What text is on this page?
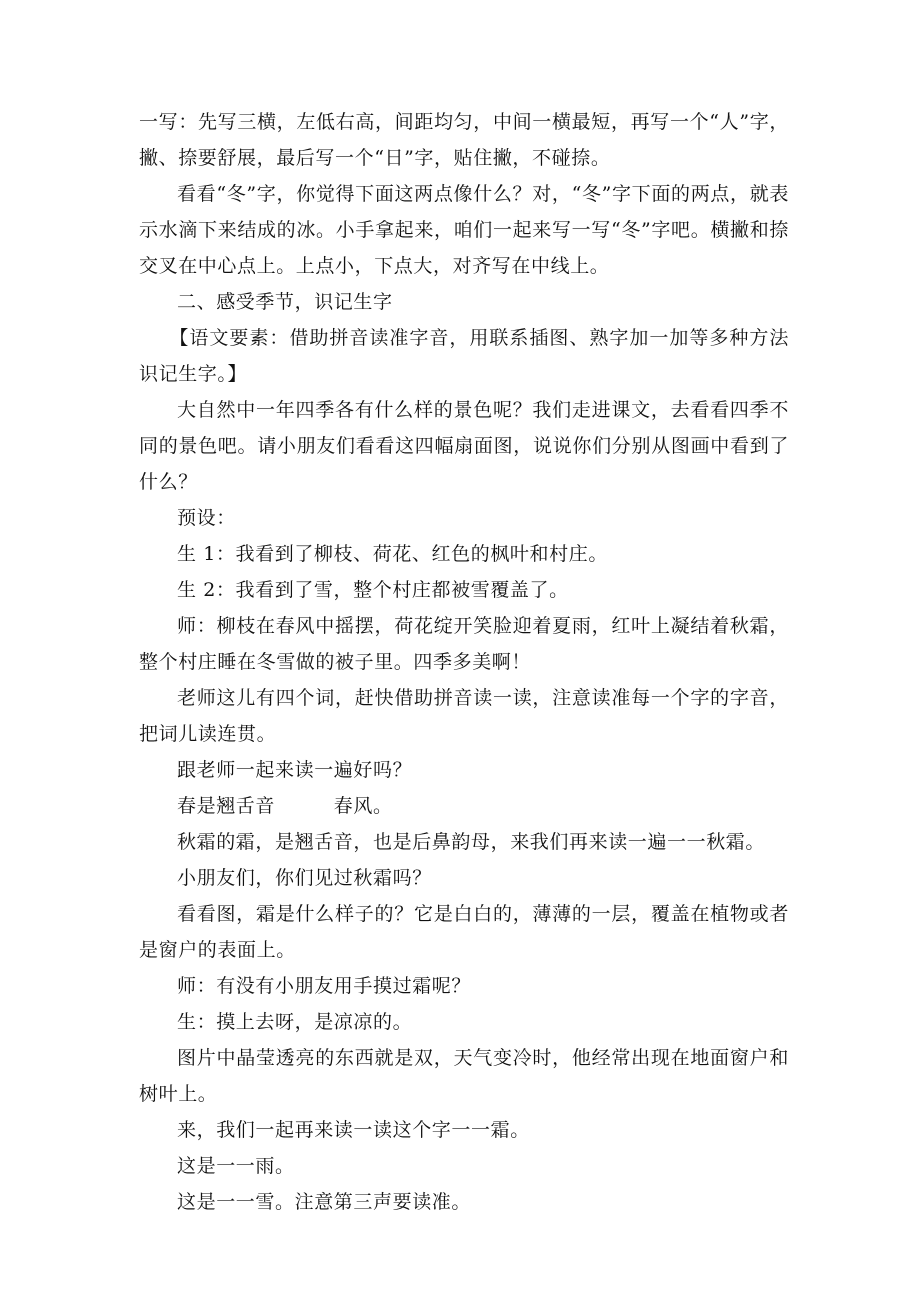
一写：先写三横，左低右高，间距均匀，中间一横最短，再写一个“人”字，撇、捺要舒展，最后写一个“日”字，贴住撇，不碰捺。

看看“冬”字，你觉得下面这两点像什么？对，“冬”字下面的两点，就表示水滴下来结成的冰。小手拿起来，咱们一起来写一写“冬”字吧。横撇和捺交叉在中心点上。上点小，下点大，对齐写在中线上。

二、感受季节，识记生字

【语文要素：借助拼音读准字音，用联系插图、熟字加一加等多种方法识记生字。】

大自然中一年四季各有什么样的景色呢？我们走进课文，去看看四季不同的景色吧。请小朋友们看看这四幅扇面图，说说你们分别从图画中看到了什么？

预设：

生 1：我看到了柳枝、荷花、红色的枫叶和村庄。

生 2：我看到了雪，整个村庄都被雪覆盖了。

师：柳枝在春风中摇摆，荷花绽开笑脸迎着夏雨，红叶上凝结着秋霜，整个村庄睡在冬雪做的被子里。四季多美啊！

老师这儿有四个词，赶快借助拼音读一读，注意读准每一个字的字音，把词儿读连贯。

跟老师一起来读一遍好吗？

春是翘舌音　　　春风。

秋霜的霜，是翘舌音，也是后鼻韵母，来我们再来读一遍一一秋霜。

小朋友们，你们见过秋霜吗？

看看图，霜是什么样子的？它是白白的，薄薄的一层，覆盖在植物或者是窗户的表面上。

师：有没有小朋友用手摸过霜呢？

生：摸上去呀，是凉凉的。

图片中晶莹透亮的东西就是双，天气变冷时，他经常出现在地面窗户和树叶上。

来，我们一起再来读一读这个字一一霜。

这是一一雨。

这是一一雪。注意第三声要读准。
